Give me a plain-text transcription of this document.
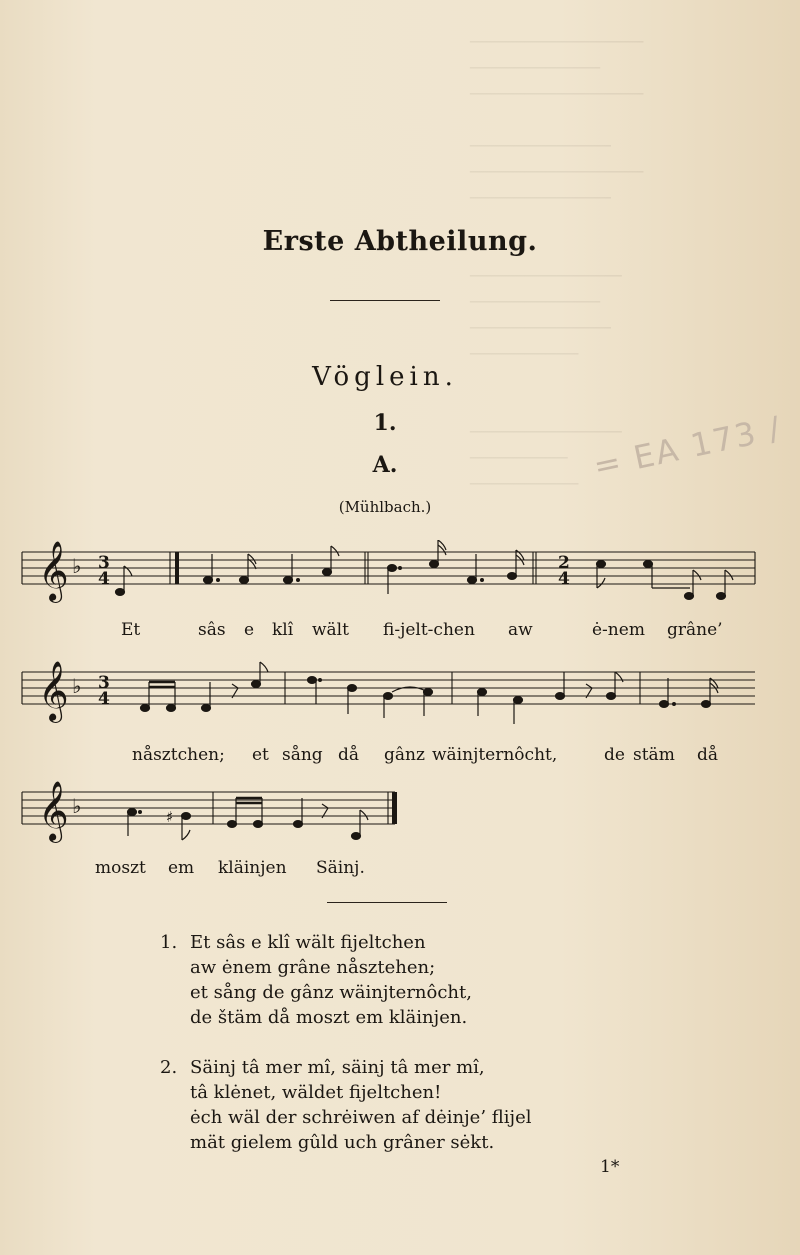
────────────────
────────────
────────────────

─────────────
────────────────
─────────────

──────────────
────────────
─────────────
──────────

──────────────
─────────
──────────

Erste Abtheilung.
Vöglein.
1.
A.
(Mühlbach.)
= EA 173 /
𝄞 ♭ 3
4
2
4
Et	sâs e klî wält fi-jelt-chen aw	ė-nem grâne’
𝄞 ♭ 3
4
nåsztchen; et sång då gânz wäinjternôcht,	de stäm då
𝄞 ♭	♯
moszt em kläinjen Säinj.
1. Et sâs e klî wält fijeltchen
aw ėnem grâne nåsztehen;
et sång de gânz wäinjternôcht,
de štäm då moszt em kläinjen.
2. Säinj tâ mer mî, säinj tâ mer mî,
tâ klėnet, wäldet fijeltchen!
ėch wäl der schrėiwen af dėinje’ flijel
mät gielem gûld uch grâner sėkt.
1*
